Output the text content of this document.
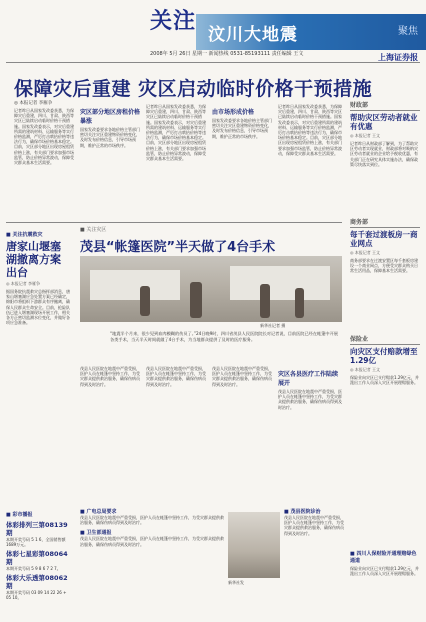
关注
汶川大地震	聚焦
2008年 5月 26日 星期一 新闻热线 0531-85193111 责任编辑 王文	上海证券报
保障灾后重建 灾区启动临时价格干预措施
◎ 本报记者 李雁争
记者昨日从国家发改委获悉，为保障灾后重建，四川、甘肃、陕西等灾区已陆续启动临时价格干预措施。国家发改委表示，对灾后重建所需的建筑材料、运输服务等实行价格监测，严厉打击哄抬价格等违法行为，确保市场价格基本稳定。目前，灾区部分地区出现房屋租赁价格上涨，有关部门要求加强市场监管，防止价格异常波动，保障受灾群众基本生活需要。
灾区部分地区房租价格暴涨
国家发改委要求各地价格主管部门密切关注灾区重建物资价格变化，及时发布价格信息，引导市场预期，维护正常的市场秩序。
记者昨日从国家发改委获悉，为保障灾后重建，四川、甘肃、陕西等灾区已陆续启动临时价格干预措施。国家发改委表示，对灾后重建所需的建筑材料、运输服务等实行价格监测，严厉打击哄抬价格等违法行为，确保市场价格基本稳定。目前，灾区部分地区出现房屋租赁价格上涨，有关部门要求加强市场监管，防止价格异常波动，保障受灾群众基本生活需要。
由市场形成价格
国家发改委要求各地价格主管部门密切关注灾区重建物资价格变化，及时发布价格信息，引导市场预期，维护正常的市场秩序。
记者昨日从国家发改委获悉，为保障灾后重建，四川、甘肃、陕西等灾区已陆续启动临时价格干预措施。国家发改委表示，对灾后重建所需的建筑材料、运输服务等实行价格监测，严厉打击哄抬价格等违法行为，确保市场价格基本稳定。目前，灾区部分地区出现房屋租赁价格上涨，有关部门要求加强市场监管，防止价格异常波动，保障受灾群众基本生活需要。
财政部
帮助灾区劳动者就业有优惠
◎ 本报记者 王文
记者昨日从财政部了解到，为了帮助灾区劳动者实现就业，财政部将对吸纳灾区劳动者就业的企业给予税收优惠，有关部门正在研究具体实施办法，确保政策尽快落实到位。
商务部
每千套过渡板房一商业网点
◎ 本报记者 王文
商务部要求在过渡安置区每千套板房建设一个商业网点，方便受灾群众购买日常生活用品，保障基本生活需要。
保险业
向灾区支付赔款增至1.29亿
◎ 本报记者 王文
保险业向灾区已支付赔款1.29亿元，并派出工作人员深入灾区开展理赔服务。
■ 关注抗震救灾
唐家山堰塞湖撤离方案出台
◎ 本报记者 李雁争
据国务院抗震救灾总指挥部消息，唐家山堰塞湖应急处置方案已经确定，绵阳市将组织下游群众有序撤离，确保人民群众生命安全。目前，抢险队伍已进入堰塞湖现场开展工作，相关各方正密切监测水位变化，并做好各项应急准备。
■ 关注灾区
茂县“帐篷医院”半天做了4台手术
新华社记者 摄
“地震半个月来，很少见到血肉模糊的伤员了。”24日晚9时，四川省茂县人民医院院长对记者说，目前医院已经在帐篷中开展各类手术，当天半天时间就做了4台手术，为当地群众提供了及时的医疗服务。
茂县人民医院在地震中严重受损，医护人员在帐篷中坚持工作，为受灾群众提供救治服务，确保伤病员得到及时治疗。
茂县人民医院在地震中严重受损，医护人员在帐篷中坚持工作，为受灾群众提供救治服务，确保伤病员得到及时治疗。
茂县人民医院在地震中严重受损，医护人员在帐篷中坚持工作，为受灾群众提供救治服务，确保伤病员得到及时治疗。
灾区各县医疗工作陆续展开
茂县人民医院在地震中严重受损，医护人员在帐篷中坚持工作，为受灾群众提供救治服务，确保伤病员得到及时治疗。
■ 广电总局要求
茂县人民医院在地震中严重受损，医护人员在帐篷中坚持工作，为受灾群众提供救治服务，确保伤病员得到及时治疗。
■ 卫生部通报
茂县人民医院在地震中严重受损，医护人员在帐篷中坚持工作，为受灾群众提供救治服务，确保伤病员得到及时治疗。
新华社发
■ 茂县医院诊治
茂县人民医院在地震中严重受损，医护人员在帐篷中坚持工作，为受灾群众提供救治服务，确保伤病员得到及时治疗。
■ 彩市播报
体彩排列三第08139期
本期开奖号码 5 1 6，全国销售额 1689万元。
体彩七星彩第08064期
本期开奖号码 5 9 8 6 7 2 7。
体彩大乐透第08062期
本期开奖号码 03 09 14 22 26 + 05 10。
■ 四川人保财险开通理赔绿色通道
保险业向灾区已支付赔款1.29亿元，并派出工作人员深入灾区开展理赔服务。
